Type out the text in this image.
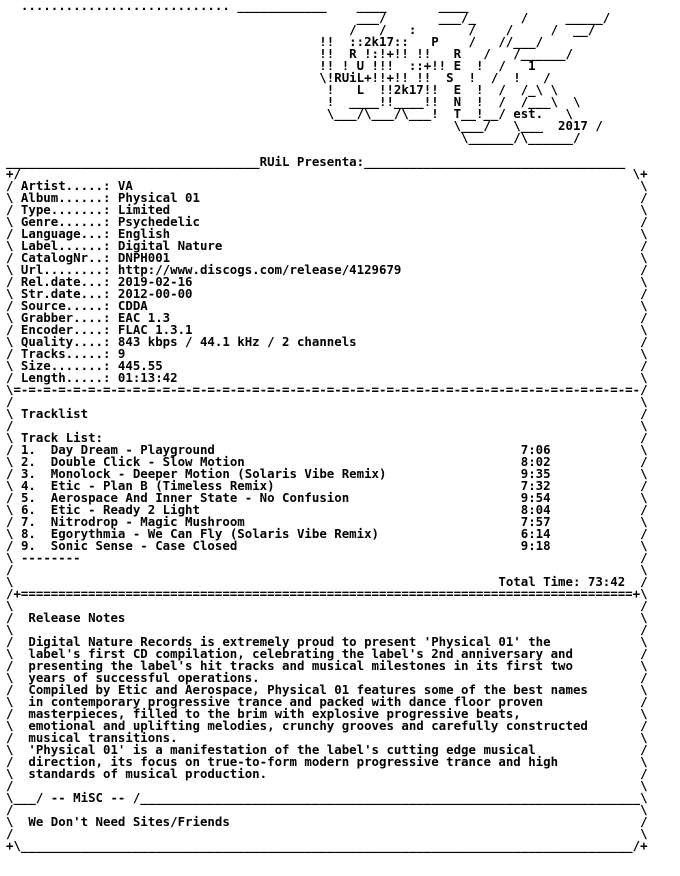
............................ ____________    ____       ____
___/       ___/_      /     _____/
/   /   :       /    /     /  __/
!!  ::2k17::   P    /   //___/
!!  R !:!+!! !!   R   /   /______/
!! ! U !!!  ::+!! E  !  /   1
\!RUiL+!!+!! !!  S  !  /  !   /
!   L  !!2k17!!  E  !  /  /_\ \
!  ____!!____!!  N  !  /  /___\  \
\___/\___/\___!  T__!__/ est.   \
\___/   \___  2017 /
\______/\______/
__________________________________RUiL Presenta:___________________________________
+/                                                                                  \+
/ Artist.....: VA                                                                    \
\ Album......: Physical 01                                                           /
/ Type.......: Limited                                                               \
\ Genre......: Psychedelic                                                           /
/ Language...: English                                                               \
\ Label......: Digital Nature                                                        /
/ CatalogNr..: DNPH001                                                               \
\ Url........: http://www.discogs.com/release/4129679                                /
/ Rel.date...: 2019-02-16                                                            \
\ Str.date...: 2012-00-00                                                            /
/ Source.....: CDDA                                                                  \
\ Grabber....: EAC 1.3                                                               /
/ Encoder....: FLAC 1.3.1                                                            \
\ Quality....: 843 kbps / 44.1 kHz / 2 channels                                      /
/ Tracks.....: 9                                                                     \
\ Size.......: 445.55                                                                /
/ Length.....: 01:13:42                                                              \
\=-=-=-=-=-=-=-=-=-=-=-=-=-=-=-=-=-=-=-=-=-=-=-=-=-=-=-=-=-=-=-=-=-=-=-=-=-=-=-=-=-=-/
/                                                                                    \
\ Tracklist                                                                          /
/                                                                                    \
\ Track List:                                                                        /
/ 1. Day Dream - Playground	7:06            \
\ 2. Double Click - Slow Motion	8:02            /
/ 3. Monolock - Deeper Motion (Solaris Vibe Remix)	9:35            \
\ 4. Etic - Plan B (Timeless Remix)	7:32            /
/ 5. Aerospace And Inner State - No Confusion	9:54            \
\ 6. Etic - Ready 2 Light	8:04            /
/ 7. Nitrodrop - Magic Mushroom	7:57            \
\ 8. Egorythmia - We Can Fly (Solaris Vibe Remix)	6:14            /
/ 9. Sonic Sense - Case Closed	9:18            \
\ --------                                                                           /
/                                                                                    \
\	Total Time: 73:42  /
/+==================================================================================+\
\                                                                                    /
/ Release Notes                                                                     \
\                                                                                    /
/ Digital Nature Records is extremely proud to present 'Physical 01' the            \
\ label's first CD compilation, celebrating the label's 2nd anniversary and         /
/ presenting the label's hit tracks and musical milestones in its first two         \
\ years of successful operations.                                                   /
/ Compiled by Etic and Aerospace, Physical 01 features some of the best names       \
\ in contemporary progressive trance and packed with dance floor proven             /
/ masterpieces, filled to the brim with explosive progressive beats,                \
\ emotional and uplifting melodies, crunchy grooves and carefully constructed       /
/ musical transitions.                                                              \
\ 'Physical 01' is a manifestation of the label's cutting edge musical              /
/ direction, its focus on true-to-form modern progressive trance and high           \
\ standards of musical production.                                                  /
/                                                                                    \
\___/ -- MiSC -- /___________________________________________________________________\
/                                                                                    \
\ We Don't Need Sites/Friends                                                       /
/                                                                                    \
+\__________________________________________________________________________________/+
